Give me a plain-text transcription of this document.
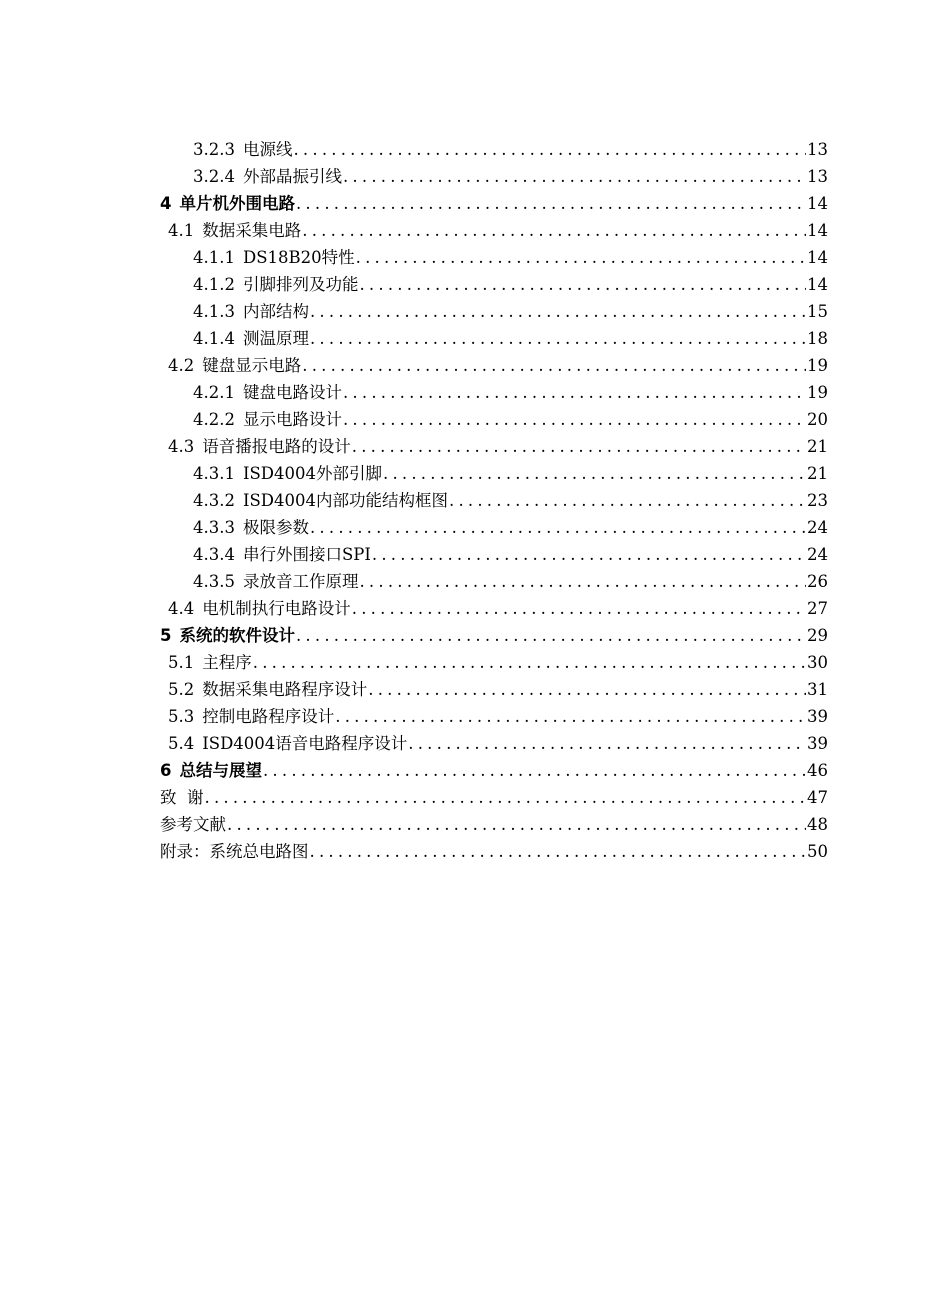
3.2.3 电源线 .....	13
3.2.4 外部晶振引线 .....	13
4 单片机外围电路 .....	14
4.1 数据采集电路 .....	14
4.1.1 DS18B20特性 .....	14
4.1.2 引脚排列及功能 .....	14
4.1.3 内部结构 .....	15
4.1.4 测温原理 .....	18
4.2 键盘显示电路 .....	19
4.2.1 键盘电路设计 .....	19
4.2.2 显示电路设计 .....	20
4.3 语音播报电路的设计 .....	21
4.3.1 ISD4004外部引脚 .....	21
4.3.2 ISD4004内部功能结构框图 .....	23
4.3.3 极限参数 .....	24
4.3.4 串行外围接口SPI .....	24
4.3.5 录放音工作原理 .....	26
4.4 电机制执行电路设计 .....	27
5 系统的软件设计 .....	29
5.1 主程序 .....	30
5.2 数据采集电路程序设计 .....	31
5.3 控制电路程序设计 .....	39
5.4 ISD4004语音电路程序设计 .....	39
6 总结与展望 .....	46
致  谢 .....	47
参考文献 .....	48
附录：系统总电路图 .....	50
